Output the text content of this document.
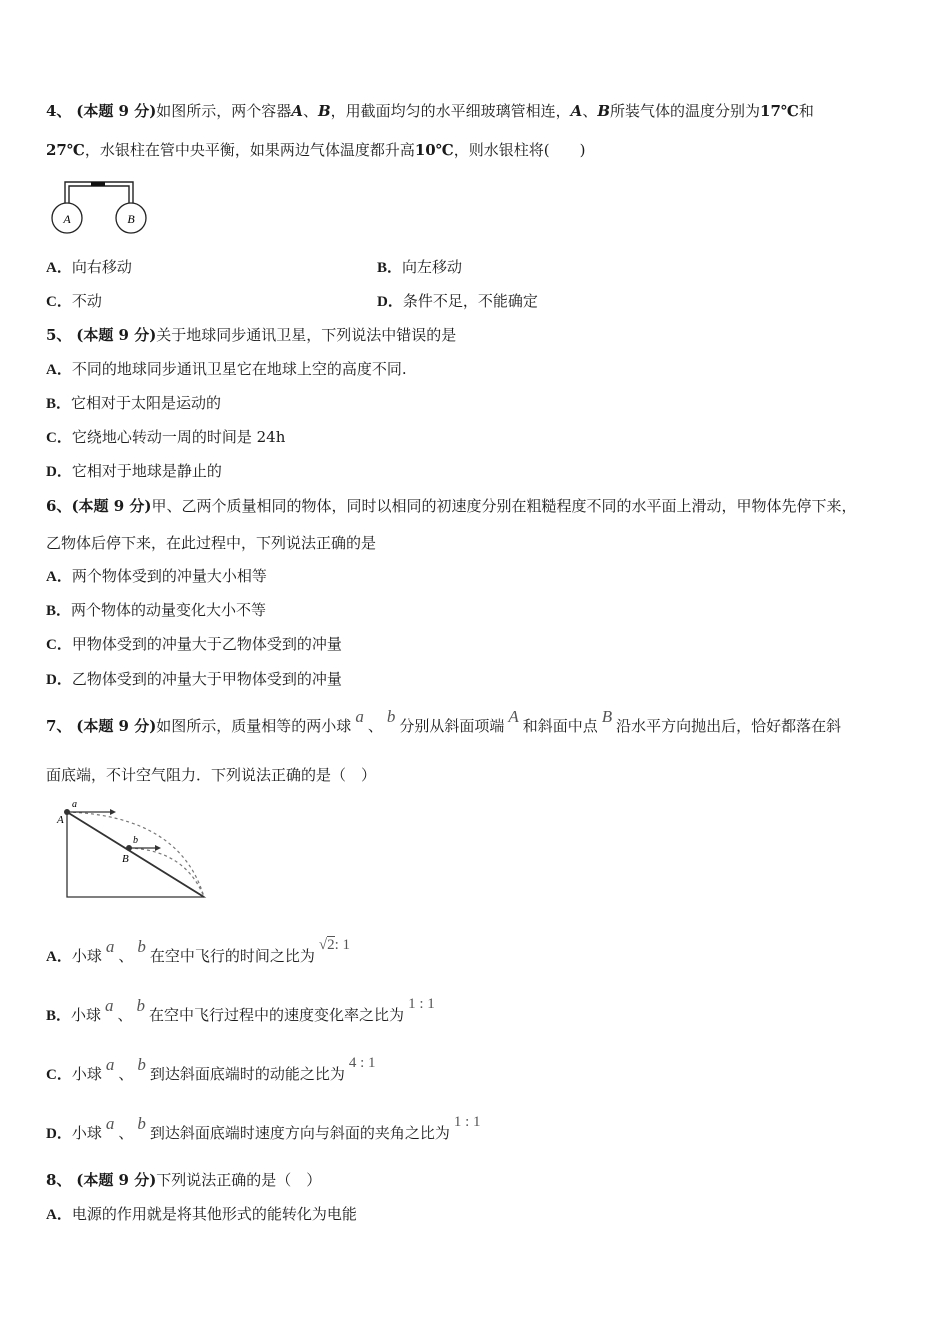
4、 (本题 9 分)如图所示，两个容器A、B，用截面均匀的水平细玻璃管相连，A、B所装气体的温度分别为17℃和
27℃，水银柱在管中央平衡，如果两边气体温度都升高10℃，则水银柱将(　　)
A	B
A．向右移动	B．向左移动
C．不动	D．条件不足，不能确定
5、 (本题 9 分)关于地球同步通讯卫星，下列说法中错误的是
A．不同的地球同步通讯卫星它在地球上空的高度不同.
B．它相对于太阳是运动的
C．它绕地心转动一周的时间是 24h
D．它相对于地球是静止的
6、(本题 9 分)甲、乙两个质量相同的物体，同时以相同的初速度分别在粗糙程度不同的水平面上滑动，甲物体先停下来，
乙物体后停下来，在此过程中，下列说法正确的是
A．两个物体受到的冲量大小相等
B．两个物体的动量变化大小不等
C．甲物体受到的冲量大于乙物体受到的冲量
D．乙物体受到的冲量大于甲物体受到的冲量
7、 (本题 9 分)如图所示，质量相等的两小球 a 、 b 分别从斜面项端 A 和斜面中点 B 沿水平方向抛出后，恰好都落在斜
面底端，不计空气阻力．下列说法正确的是（　）
a
A
b
B
A．小球 a 、 b 在空中飞行的时间之比为√2: 1
B．小球 a 、 b 在空中飞行过程中的速度变化率之比为1 : 1
C．小球 a 、 b 到达斜面底端时的动能之比为4 : 1
D．小球 a 、 b 到达斜面底端时速度方向与斜面的夹角之比为1 : 1
8、 (本题 9 分)下列说法正确的是（　）
A．电源的作用就是将其他形式的能转化为电能
